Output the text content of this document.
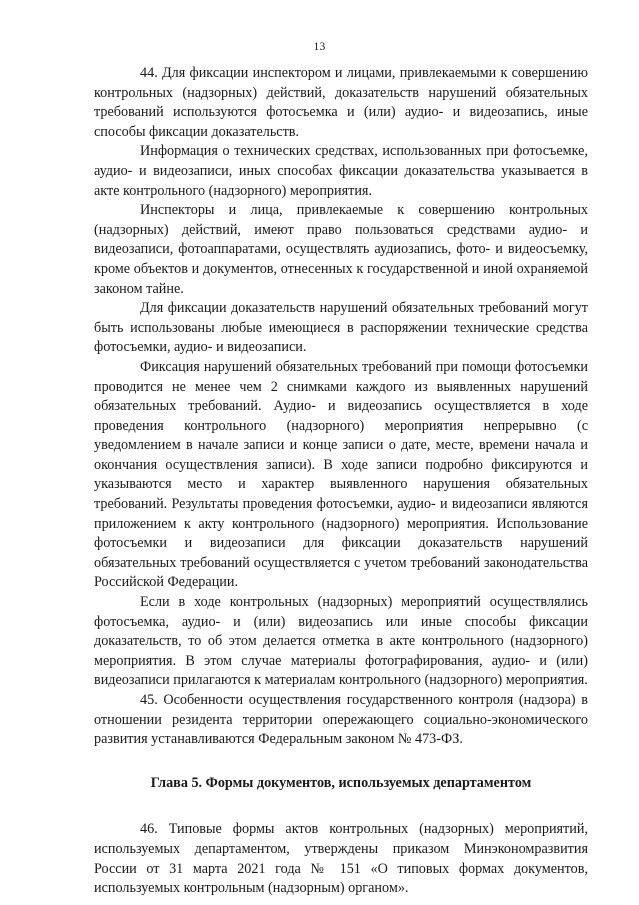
13

44. Для фиксации инспектором и лицами, привлекаемыми к совершению контрольных (надзорных) действий, доказательств нарушений обязательных требований используются фотосъемка и (или) аудио- и видеозапись, иные способы фиксации доказательств.

Информация о технических средствах, использованных при фотосъемке, аудио- и видеозаписи, иных способах фиксации доказательства указывается в акте контрольного (надзорного) мероприятия.

Инспекторы и лица, привлекаемые к совершению контрольных (надзорных) действий, имеют право пользоваться средствами аудио- и видеозаписи, фотоаппаратами, осуществлять аудиозапись, фото- и видеосъемку, кроме объектов и документов, отнесенных к государственной и иной охраняемой законом тайне.

Для фиксации доказательств нарушений обязательных требований могут быть использованы любые имеющиеся в распоряжении технические средства фотосъемки, аудио- и видеозаписи.

Фиксация нарушений обязательных требований при помощи фотосъемки проводится не менее чем 2 снимками каждого из выявленных нарушений обязательных требований. Аудио- и видеозапись осуществляется в ходе проведения контрольного (надзорного) мероприятия непрерывно (с уведомлением в начале записи и конце записи о дате, месте, времени начала и окончания осуществления записи). В ходе записи подробно фиксируются и указываются место и характер выявленного нарушения обязательных требований. Результаты проведения фотосъемки, аудио- и видеозаписи являются приложением к акту контрольного (надзорного) мероприятия. Использование фотосъемки и видеозаписи для фиксации доказательств нарушений обязательных требований осуществляется с учетом требований законодательства Российской Федерации.

Если в ходе контрольных (надзорных) мероприятий осуществлялись фотосъемка, аудио- и (или) видеозапись или иные способы фиксации доказательств, то об этом делается отметка в акте контрольного (надзорного) мероприятия. В этом случае материалы фотографирования, аудио- и (или) видеозаписи прилагаются к материалам контрольного (надзорного) мероприятия.

45. Особенности осуществления государственного контроля (надзора) в отношении резидента территории опережающего социально-экономического развития устанавливаются Федеральным законом № 473-ФЗ.

Глава 5. Формы документов, используемых департаментом

46. Типовые формы актов контрольных (надзорных) мероприятий, используемых департаментом, утверждены приказом Минэкономразвития России от 31 марта 2021 года № 151 «О типовых формах документов, используемых контрольным (надзорным) органом».
